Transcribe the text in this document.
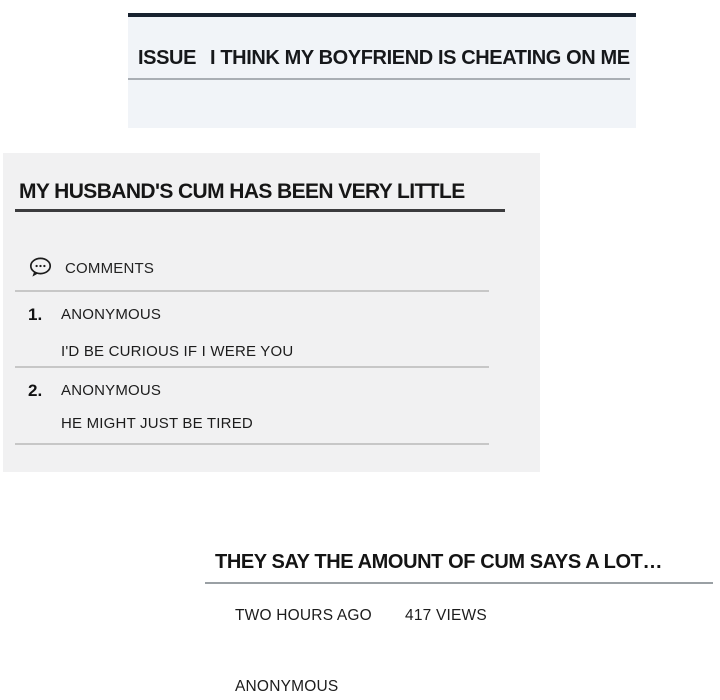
ISSUE I THINK MY BOYFRIEND IS CHEATING ON ME
MY HUSBAND'S CUM HAS BEEN VERY LITTLE
COMMENTS
1. ANONYMOUS
I'D BE CURIOUS IF I WERE YOU
2. ANONYMOUS
HE MIGHT JUST BE TIRED
THEY SAY THE AMOUNT OF CUM SAYS A LOT…
TWO HOURS AGO 417 VIEWS
ANONYMOUS
